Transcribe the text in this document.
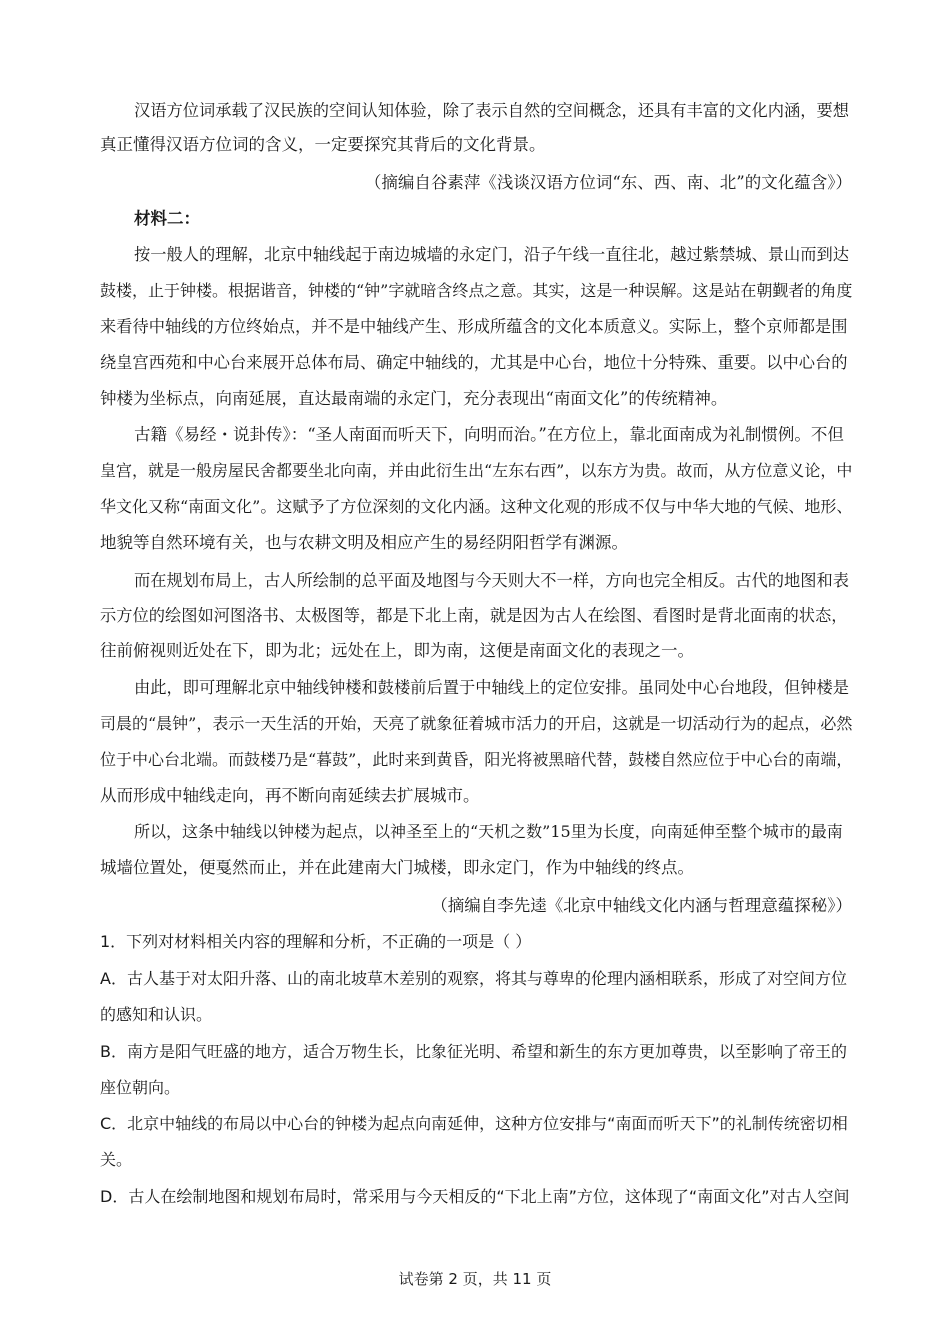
汉语方位词承载了汉民族的空间认知体验，除了表示自然的空间概念，还具有丰富的文化内涵，要想
真正懂得汉语方位词的含义，一定要探究其背后的文化背景。
（摘编自谷素萍《浅谈汉语方位词“东、西、南、北”的文化蕴含》）
材料二：
按一般人的理解，北京中轴线起于南边城墙的永定门，沿子午线一直往北，越过紫禁城、景山而到达
鼓楼，止于钟楼。根据谐音，钟楼的“钟”字就暗含终点之意。其实，这是一种误解。这是站在朝觐者的角度
来看待中轴线的方位终始点，并不是中轴线产生、形成所蕴含的文化本质意义。实际上，整个京师都是围
绕皇宫西苑和中心台来展开总体布局、确定中轴线的，尤其是中心台，地位十分特殊、重要。以中心台的
钟楼为坐标点，向南延展，直达最南端的永定门，充分表现出“南面文化”的传统精神。
古籍《易经・说卦传》：“圣人南面而听天下，向明而治。”在方位上，靠北面南成为礼制惯例。不但
皇宫，就是一般房屋民舍都要坐北向南，并由此衍生出“左东右西”，以东方为贵。故而，从方位意义论，中
华文化又称“南面文化”。这赋予了方位深刻的文化内涵。这种文化观的形成不仅与中华大地的气候、地形、
地貌等自然环境有关，也与农耕文明及相应产生的易经阴阳哲学有渊源。
而在规划布局上，古人所绘制的总平面及地图与今天则大不一样，方向也完全相反。古代的地图和表
示方位的绘图如河图洛书、太极图等，都是下北上南，就是因为古人在绘图、看图时是背北面南的状态，
往前俯视则近处在下，即为北；远处在上，即为南，这便是南面文化的表现之一。
由此，即可理解北京中轴线钟楼和鼓楼前后置于中轴线上的定位安排。虽同处中心台地段，但钟楼是
司晨的“晨钟”，表示一天生活的开始，天亮了就象征着城市活力的开启，这就是一切活动行为的起点，必然
位于中心台北端。而鼓楼乃是“暮鼓”，此时来到黄昏，阳光将被黑暗代替，鼓楼自然应位于中心台的南端，
从而形成中轴线走向，再不断向南延续去扩展城市。
所以，这条中轴线以钟楼为起点，以神圣至上的“天机之数”15里为长度，向南延伸至整个城市的最南
城墙位置处，便戛然而止，并在此建南大门城楼，即永定门，作为中轴线的终点。
（摘编自李先逵《北京中轴线文化内涵与哲理意蕴探秘》）
1．下列对材料相关内容的理解和分析，不正确的一项是（ ）
A．古人基于对太阳升落、山的南北坡草木差别的观察，将其与尊卑的伦理内涵相联系，形成了对空间方位
的感知和认识。
B．南方是阳气旺盛的地方，适合万物生长，比象征光明、希望和新生的东方更加尊贵，以至影响了帝王的
座位朝向。
C．北京中轴线的布局以中心台的钟楼为起点向南延伸，这种方位安排与“南面而听天下”的礼制传统密切相
关。
D．古人在绘制地图和规划布局时，常采用与今天相反的“下北上南”方位，这体现了“南面文化”对古人空间
试卷第 2 页，共 11 页
